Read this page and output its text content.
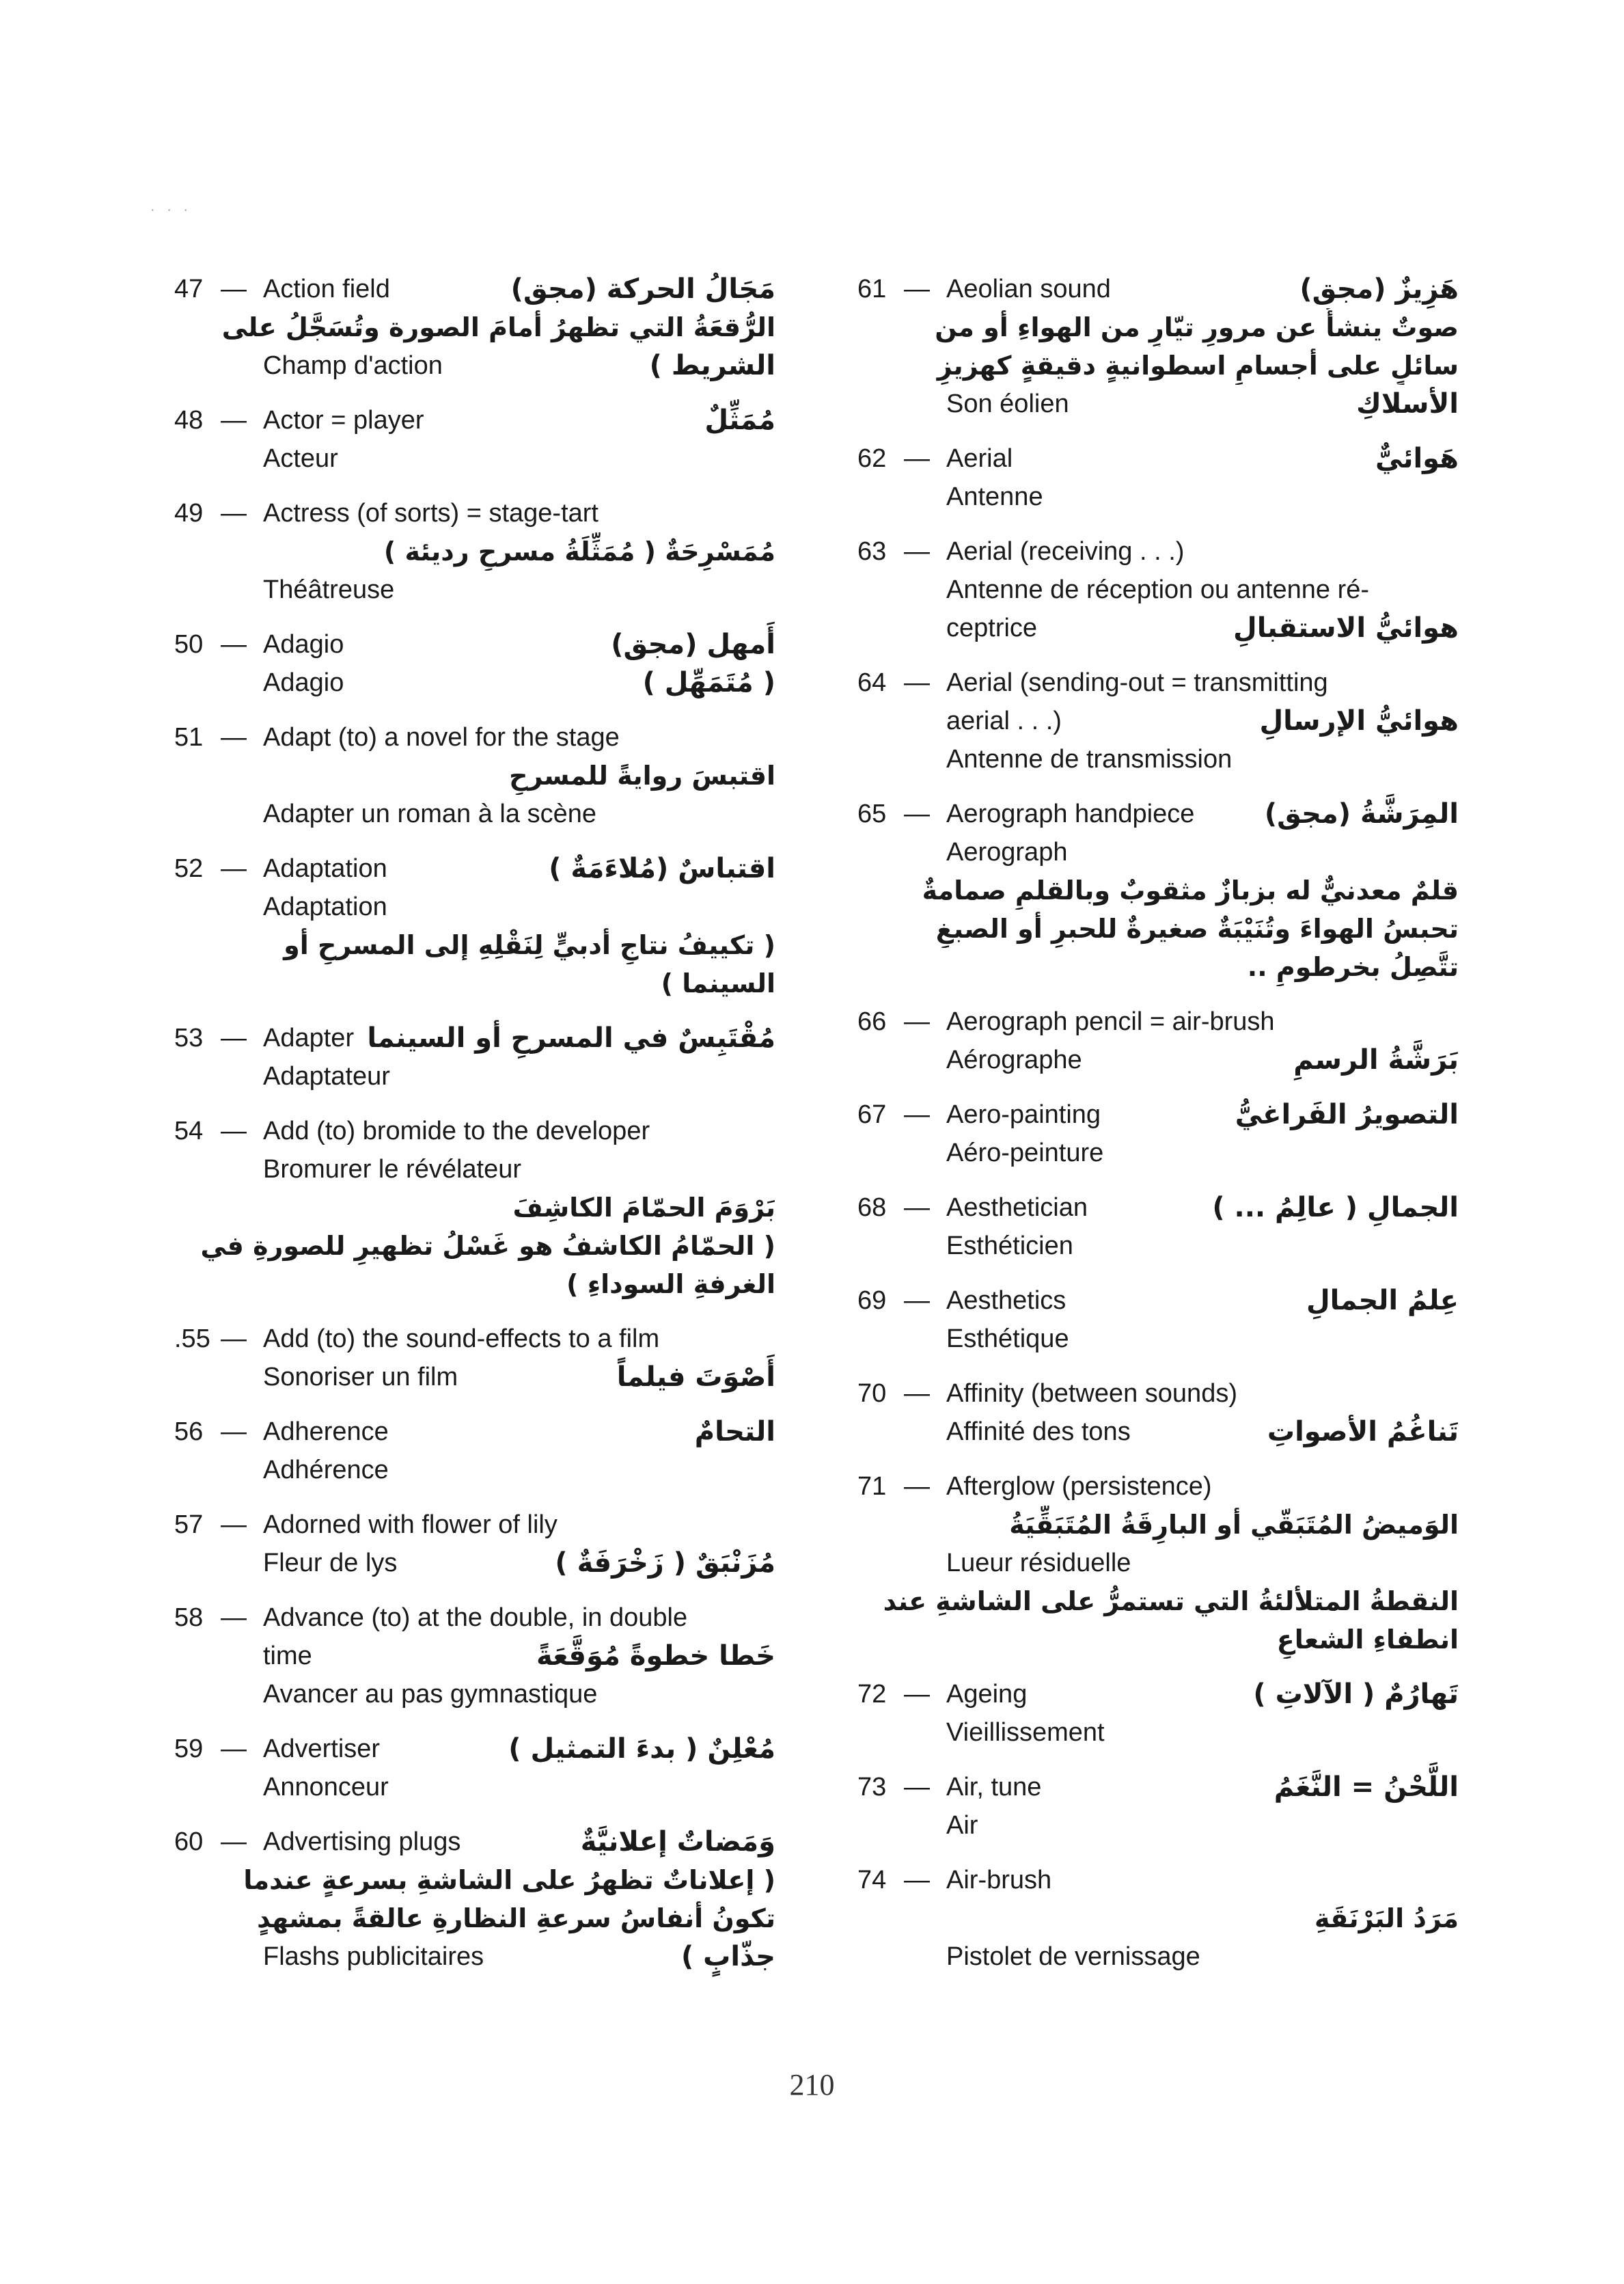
· · ·
47 — Action field	مَجَالُ الحركة (مجق)
الرُّقعَةُ التي تظهرُ أمامَ الصورة وتُسَجَّلُ على
Champ d'action	الشريط )
48 — Actor = player	مُمَثِّلٌ
Acteur
49 — Actress (of sorts) = stage-tart
مُمَسْرِحَةٌ ( مُمَثِّلَةُ مسرحٍ رديئة )
Théâtreuse
50 — Adagio	أَمهل (مجق)
Adagio	( مُتَمَهِّل )
51 — Adapt (to) a novel for the stage
اقتبسَ روايةً للمسرحِ
Adapter un roman à la scène
52 — Adaptation	اقتباسٌ (مُلاءَمَةٌ )
Adaptation
( تكييفُ نتاجٍ أدبيٍّ لِنَقْلِهِ إلى المسرحِ أو
السينما )
53 — Adapter مُقْتَبِسٌ في المسرحِ أو السينما
Adaptateur
54 — Add (to) bromide to the developer
Bromurer le révélateur
بَرْوَمَ الحمّامَ الكاشِفَ
( الحمّامُ الكاشفُ هو غَسْلُ تظهيرِ للصورةِ في
الغرفةِ السوداءِ )
.55 — Add (to) the sound-effects to a film
Sonoriser un film	أَصْوَتَ فيلماً
56 — Adherence	التحامٌ
Adhérence
57 — Adorned with flower of lily
Fleur de lys	مُزَنْبَقٌ ( زَخْرَفَةٌ )
58 — Advance (to) at the double, in double
time	خَطا خطوةً مُوَقَّعَةً
Avancer au pas gymnastique
59 — Advertiser	مُعْلِنٌ ( بدءَ التمثيل )
Annonceur
60 — Advertising plugs	وَمَضاتٌ إعلانيَّةٌ
( إعلاناتٌ تظهرُ على الشاشةِ بسرعةٍ عندما
تكونُ أنفاسُ سرعةِ النظارةِ عالقةً بمشهدٍ
Flashs publicitaires	جذّابٍ )
61 — Aeolian sound	هَزِيزٌ (مجق)
صوتٌ ينشأُ عن مرورِ تيّارٍ من الهواءِ أو من
سائلٍ على أجسامٍ اسطوانيةٍ دقيقةٍ كهزيزِ
Son éolien	الأسلاكِ
62 — Aerial	هَوائيٌّ
Antenne
63 — Aerial (receiving . . .)
Antenne de réception ou antenne ré-
ceptrice	هوائيُّ الاستقبالِ
64 — Aerial (sending-out = transmitting
aerial . . .)	هوائيُّ الإرسالِ
Antenne de transmission
65 — Aerograph handpiece	المِرَشَّةُ (مجق)
Aerograph
قلمٌ معدنيٌّ له بزبازٌ مثقوبٌ وبالقلمِ صمامةٌ
تحبسُ الهواءَ وتُنَيْبَةٌ صغيرةٌ للحبرِ أو الصبغِ
تتَّصِلُ بخرطومٍ ..
66 — Aerograph pencil = air-brush
Aérographe	بَرَشَّةُ الرسمِ
67 — Aero-painting	التصويرُ الفَراغيُّ
Aéro-peinture
68 — Aesthetician	الجمالِ ( عالِمُ ... )
Esthéticien
69 — Aesthetics	عِلمُ الجمالِ
Esthétique
70 — Affinity (between sounds)
Affinité des tons	تَناغُمُ الأصواتِ
71 — Afterglow (persistence)
الوَميضُ المُتَبَقّي أو البارِقَةُ المُتَبَقِّيَةُ
Lueur résiduelle
النقطةُ المتلألئةُ التي تستمرُّ على الشاشةِ عند
انطفاءِ الشعاعِ
72 — Ageing	تَهارُمٌ ( الآلاتِ )
Vieillissement
73 — Air, tune	اللَّحْنُ = النَّغَمُ
Air
74 — Air-brush
مَرَدُ البَرْنَقَةِ
Pistolet de vernissage
210
